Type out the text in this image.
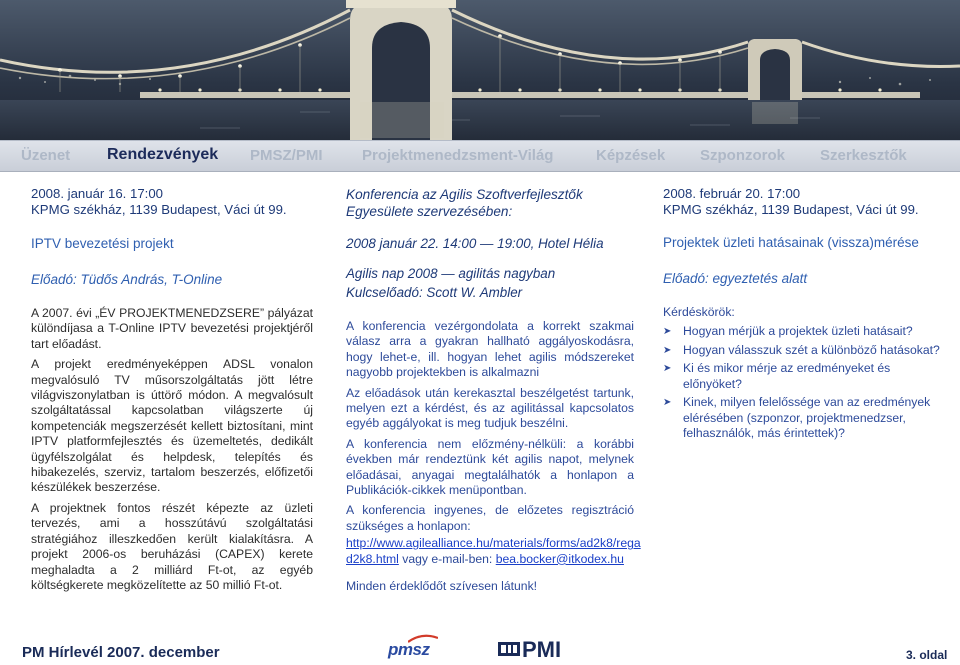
Üzenet Rendezvények PMSZ/PMI	Projektmenedzsment-Világ	Képzések Szponzorok Szerkesztők
2008. január 16. 17:00
KPMG székház, 1139 Budapest, Váci út 99.
IPTV bevezetési projekt
Előadó: Tüdős András, T-Online

A 2007. évi „ÉV PROJEKTMENEDZSERE” pályázat különdíjasa a T-Online IPTV bevezetési projektjéről tart előadást.

A projekt eredményeképpen ADSL vonalon megvalósuló TV műsorszolgáltatás jött létre világviszonylatban is úttörő módon. A megvalósult szolgáltatással kapcsolatban világszerte új kompetenciák megszerzését kellett biztosítani, mint IPTV platformfejlesztés és üzemeltetés, dedikált ügyfélszolgálat és helpdesk, telepítés és hibakezelés, szerviz, tartalom beszerzés, előfizetői készülékek beszerzése.

A projektnek fontos részét képezte az üzleti tervezés, ami a hosszútávú szolgáltatási stratégiához illeszkedően került kialakításra. A projekt 2006-os beruházási (CAPEX) kerete meghaladta a 2 milliárd Ft-ot, az egyéb költségkerete megközelítette az 50 millió Ft-ot.

Konferencia az Agilis Szoftverfejlesztők Egyesülete szervezésében:
2008 január 22. 14:00 — 19:00, Hotel Hélia
Agilis nap 2008 — agilitás nagyban
Kulcselőadó: Scott W. Ambler

A konferencia vezérgondolata a korrekt szakmai válasz arra a gyakran hallható aggályoskodásra, hogy lehet-e, ill. hogyan lehet agilis módszereket nagyobb projektekben is alkalmazni

Az előadások után kerekasztal beszélgetést tartunk, melyen ezt a kérdést, és az agilitással kapcsolatos egyéb aggályokat is meg tudjuk beszélni.

A konferencia nem előzmény-nélküli: a korábbi években már rendeztünk két agilis napot, melynek előadásai, anyagai megtalálhatók a honlapon a Publikációk-cikkek menüpontban.

A konferencia ingyenes, de előzetes regisztráció szükséges a honlapon:

http://www.agilealliance.hu/materials/forms/ad2k8/rega
d2k8.html vagy e-mail-ben: bea.bocker@itkodex.hu

Minden érdeklődőt szívesen látunk!

2008. február 20. 17:00
KPMG székház, 1139 Budapest, Váci út 99.
Projektek üzleti hatásainak (vissza)mérése
Előadó: egyeztetés alatt
Kérdéskörök:
➤ Hogyan mérjük a projektek üzleti hatásait?
➤ Hogyan válasszuk szét a különböző hatásokat?
➤ Ki és mikor mérje az eredményeket és előnyöket?
➤ Kinek, milyen felelőssége van az eredmények elérésében (szponzor, projektmenedzser, felhasználók, más érintettek)?
PM Hírlevél 2007. december	pmsz	PMI	3. oldal
